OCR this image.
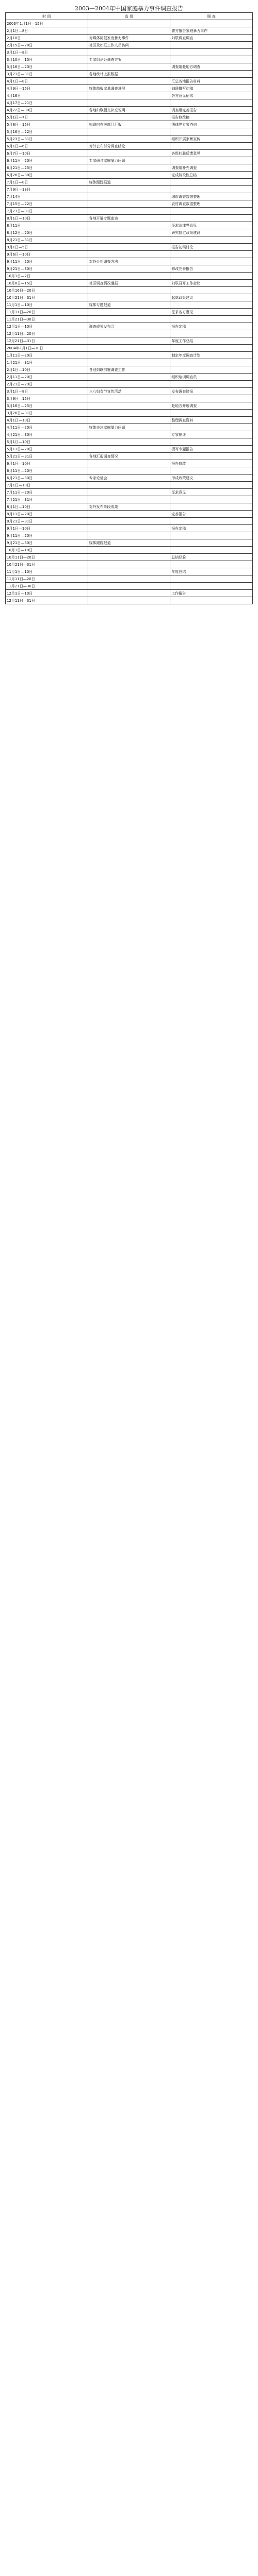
2003—2004年中国家庭暴力事件调查报告
时 间	监 督	调 查
2003年1月1日—15日		
2月1日—8日		警方报告家庭暴力事件
2月10日	对媒体简报家庭暴力事件	妇联调查调查
2月15日—28日	社区及妇联工作人员访问	
3月1日—8日		
3月10日—15日	专家组论证调查方案	
3月16日—20日		调查组赴地方调查
3月21日—31日	各地统计上报数据	
4月1日—8日		汇总各地报告材料
4月9日—15日	媒体简报家暴调查进展	妇联撰写初稿
4月16日		各方意见征求
4月17日—21日		
4月22日—30日	各地妇联提交补充说明	调查组完善报告
5月1日—7日		报告修改稿
5月8日—15日	妇联向有关部门汇报	法律界专家咨询
5月16日—22日		
5月23日—31日		组织开展家暴宣传
6月1日—6日	对外公布部分调查结论	
6月7日—10日		各级妇联反馈意见
6月11日—20日	专家研讨家庭暴力问题	
6月21日—25日		调查组补充调查
6月26日—30日		完成阶段性总结
7月1日—8日	媒体跟踪报道	
7月9日—13日		
7月14日		城市调查数据整理
7月15日—22日		农村调查数据整理
7月23日—31日		
8月1日—10日	各地开展专题座谈	
8月11日		征求法律界意见
8月12日—20日		研究制定政策建议
8月21日—31日		
9月1日—5日		报告初稿讨论
9月6日—10日		
9月11日—20日	对外介绍调查方法	
9月21日—30日		修改完善报告
10月1日—7日		
10月8日—15日	社区调查情况通报	妇联召开工作会议
10月16日—20日		
10月21日—31日		起草政策建议
11月1日—10日	媒体专题报道	
11月11日—20日		征求各方意见
11月21日—30日		
12月1日—10日	调查成果发布会	报告定稿
12月11日—20日		
12月21日—31日		年度工作总结
2004年1月1日—10日		
1月11日—20日		制定年度调查计划
1月21日—31日		
2月1日—10日	各地妇联部署调查工作	
2月11日—20日		组织培训调查员
2月21日—29日		
3月1日—8日	三八妇女节宣传活动	发布调查简报
3月9日—15日		
3月16日—25日		赴地方开展调查
3月26日—31日		
4月1日—10日		整理调查资料
4月11日—20日	媒体关注家庭暴力问题	
4月21日—30日		专家座谈
5月1日—10日		
5月11日—20日		撰写专题报告
5月21日—31日	各地汇报调查情况	
6月1日—10日		报告修改
6月11日—20日		
6月21日—30日	专家论证会	形成政策建议
7月1日—10日		
7月11日—20日		征求意见
7月21日—31日		
8月1日—10日	对外发布阶段成果	
8月11日—20日		完善报告
8月21日—31日		
9月1日—10日		报告定稿
9月11日—20日		
9月21日—30日	媒体跟踪报道	
10月1日—10日		
10月11日—20日		总结经验
10月21日—31日		
11月1日—10日		年度总结
11月11日—20日		
11月21日—30日		
12月1日—10日		工作报告
12月11日—31日		
